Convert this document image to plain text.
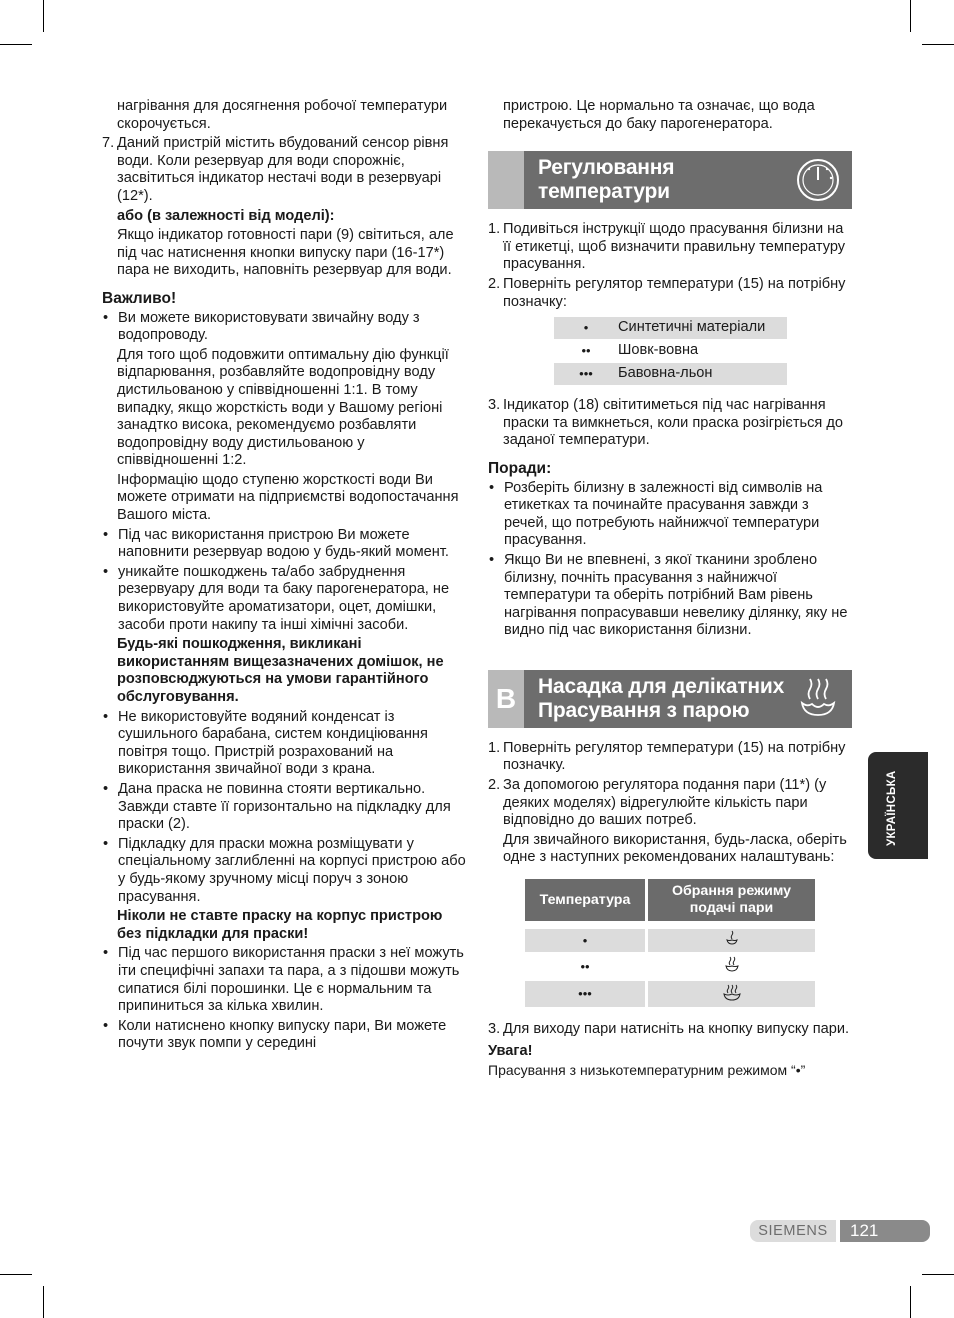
нагрівання для досягнення робочої температури скорочується.

7. Даний пристрій містить вбудований сенсор рівня води. Коли резервуар для води спорожніє, засвітиться індикатор нестачі води в резервуарі (12*).

або (в залежності від моделі):

Якщо індикатор готовності пари (9) світиться, але під час натиснення кнопки випуску пари (16-17*) пара не виходить, наповніть резервуар для води.

Важливо!
• Ви можете використовувати звичайну воду з водопроводу.

Для того щоб подовжити оптимальну дію функції відпарювання, розбавляйте водопровідну воду дистильованою у співвідношенні 1:1. В тому випадку, якщо жорсткість води у Вашому регіоні занадтко висока, рекомендуємо розбавляти водопровідну воду дистильованою у співвідношенні 1:2.

Інформацію щодо ступеню жорсткості води Ви можете отримати на підприємстві водопостачання Вашого міста.

• Під час використання пристрою Ви можете наповнити резервуар водою у будь-який момент.
• уникайте пошкоджень та/або забруднення резервуару для води та баку парогенератора, не використовуйте ароматизатори, оцет, домішки, засоби проти накипу та інші хімічні засоби.

Будь-які пошкодження, викликані використанням вищезазначених домішок, не розповсюджуються на умови гарантійного обслуговування.

• Не використовуйте водяний конденсат із сушильного барабана, систем кондиціювання повітря тощо. Пристрій розрахований на використання звичайної води з крана.
• Дана праска не повинна стояти вертикально. Завжди ставте її горизонтально на підкладку для праски (2).
• Підкладку для праски можна розміщувати у спеціальному заглибленні на корпусі пристрою або у будь-якому зручному місці поруч з зоною прасування.

Ніколи не ставте праску на корпус пристрою без підкладки для праски!

• Під час першого використання праски з неї можуть іти специфічні запахи та пара, а з підошви можуть сипатися білі порошинки. Це є нормальним та припиниться за кілька хвилин.
• Коли натиснено кнопку випуску пари, Ви можете почути звук помпи у середині

пристрою. Це нормально та означає, що вода перекачується до баку парогенератора.

Регулювання
температури
1. Подивіться інструкції щодо прасування білизни на її етикетці, щоб визначити правильну температуру прасування.
2. Поверніть регулятор температури (15) на потрібну позначку:
•	Синтетичні матеріали
••	Шовк-вовна
•••	Бавовна-льон
3. Індикатор (18) світитиметься під час нагрівання праски та вимкнеться, коли праска розігріється до заданої температури.
Поради:
• Розберіть білизну в залежності від символів на етикетках та починайте прасування завжди з речей, що потребують найнижчої температури прасування.
• Якщо Ви не впевнені, з якої тканини зроблено білизну, почніть прасування з найнижчої температури та оберіть потрібний Вам рівень нагрівання попрасувавши невелику ділянку, яку не видно під час використання білизни.
B	Насадка для делікатних
Прасування з парою
1. Поверніть регулятор температури (15) на потрібну позначку.
2. За допомогою регулятора подання пари (11*) (у деяких моделях) відрегулюйте кількість пари відповідно до ваших потреб.

Для звичайного використання, будь-ласка, оберіть одне з наступних рекомендованих налаштувань:

Температура	Обрання режиму подачі пари

•	
••	
•••	
3. Для виходу пари натисніть на кнопку випуску пари.

Увага!

Прасування з низькотемпературним режимом “•”

УКРАЇНСЬКА
SIEMENS	121
